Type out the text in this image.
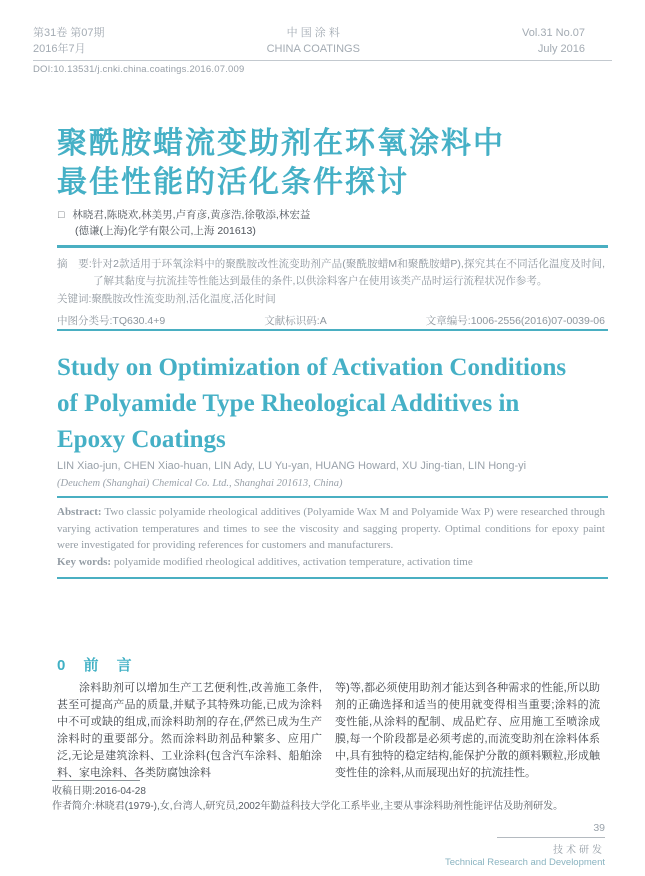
第31卷 第07期
2016年7月
中 国 涂 料
CHINA COATINGS
Vol.31 No.07
July 2016
DOI:10.13531/j.cnki.china.coatings.2016.07.009
聚酰胺蜡流变助剂在环氧涂料中
最佳性能的活化条件探讨
□ 林晓君,陈晓欢,林美男,卢育彦,黄彦浩,徐敬添,林宏益
(德谦(上海)化学有限公司,上海 201613)

摘　要:针对2款适用于环氧涂料中的聚酰胺改性流变助剂产品(聚酰胺蜡M和聚酰胺蜡P),探究其在不同活化温度及时间,了解其黏度与抗流挂等性能达到最佳的条件,以供涂料客户在使用该类产品时运行流程状况作参考。

关键词:聚酰胺改性流变助剂,活化温度,活化时间

中图分类号:TQ630.4+9	文献标识码:A	文章编号:1006-2556(2016)07-0039-06
Study on Optimization of Activation Conditions
of Polyamide Type Rheological Additives in
Epoxy Coatings
LIN Xiao-jun, CHEN Xiao-huan, LIN Ady, LU Yu-yan, HUANG Howard, XU Jing-tian, LIN Hong-yi
(Deuchem (Shanghai) Chemical Co. Ltd., Shanghai 201613, China)

Abstract: Two classic polyamide rheological additives (Polyamide Wax M and Polyamide Wax P) were researched through varying activation temperatures and times to see the viscosity and sagging property. Optimal conditions for epoxy paint were investigated for providing references for customers and manufacturers.

Key words: polyamide modified rheological additives, activation temperature, activation time

0 前 言

涂料助剂可以增加生产工艺便利性,改善施工条件,甚至可提高产品的质量,并赋予其特殊功能,已成为涂料中不可或缺的组成,而涂料助剂的存在,俨然已成为生产涂料时的重要部分。然而涂料助剂品种繁多、应用广泛,无论是建筑涂料、工业涂料(包含汽车涂料、船舶涂料、家电涂料、各类防腐蚀涂料

等)等,都必须使用助剂才能达到各种需求的性能,所以助剂的正确选择和适当的使用就变得相当重要;涂料的流变性能,从涂料的配制、成品贮存、应用施工至喷涂成膜,每一个阶段都是必须考虑的,而流变助剂在涂料体系中,具有独特的稳定结构,能保护分散的颜料颗粒,形成触变性佳的涂料,从而展现出好的抗流挂性。

收稿日期:2016-04-28
作者简介:林晓君(1979-),女,台湾人,研究员,2002年勤益科技大学化工系毕业,主要从事涂料助剂性能评估及助剂研发。
39
技术研发
Technical Research and Development
